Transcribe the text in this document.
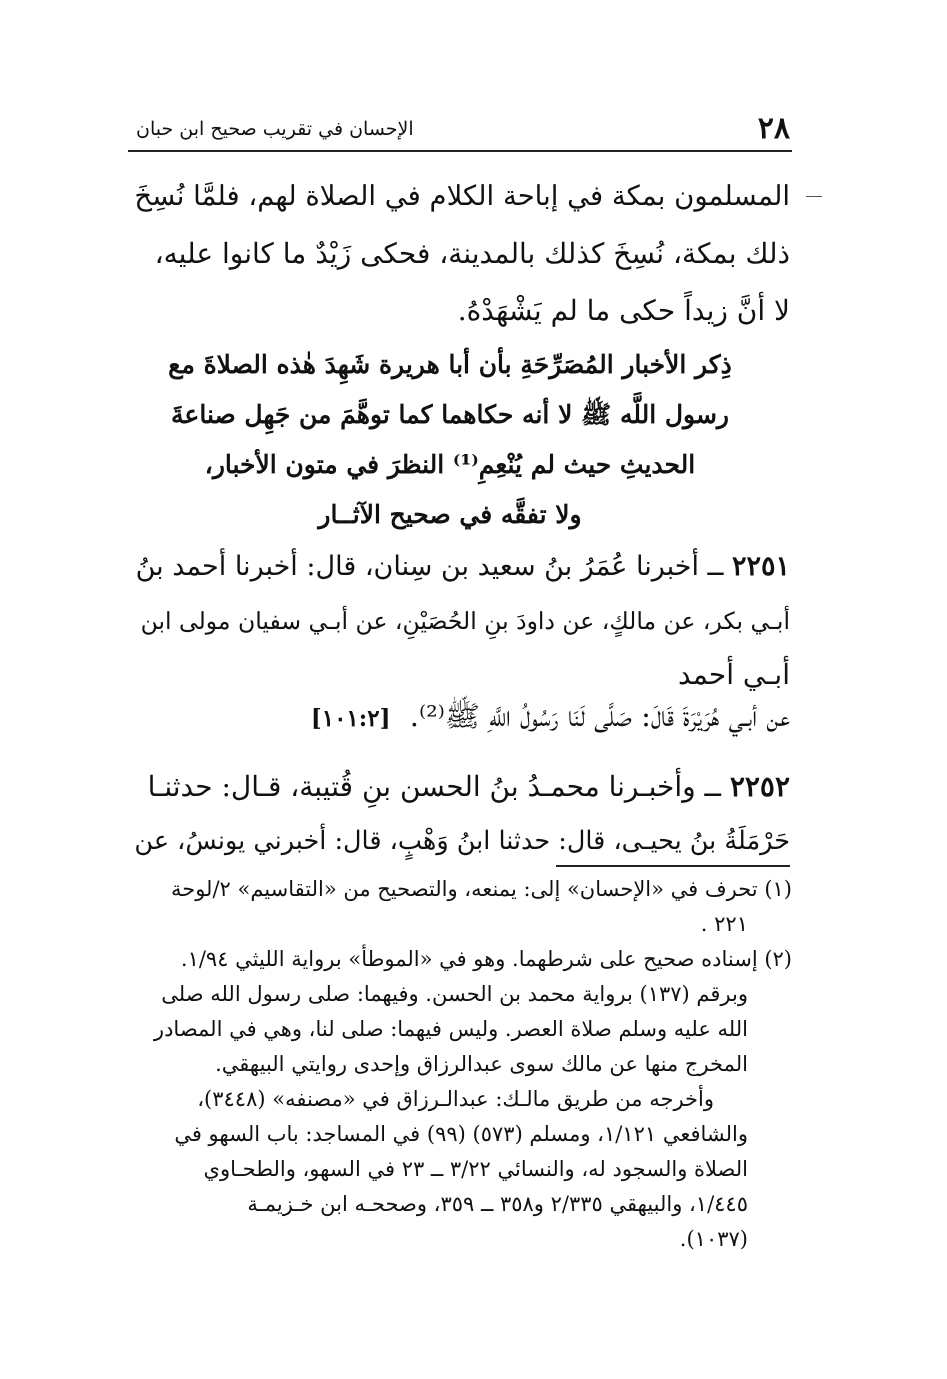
٢٨
الإحسان في تقريب صحيح ابن حبان
المسلمون بمكة في إباحة الكلام في الصلاة لهم، فلمَّا نُسِخَ
ذلك بمكة، نُسِخَ كذلك بالمدينة، فحكى زَيْدٌ ما كانوا عليه،
لا أنَّ زيداً حكى ما لم يَشْهَدْهُ.
ذِكر الأخبار المُصَرِّحَةِ بأن أبا هريرة شَهِدَ هٰذه الصلاةَ مع
رسول اللَّه ﷺ لا أنه حكاهما كما توهَّمَ من جَهِل صناعةَ
الحديثِ حيث لم يُنْعِمِ⁽¹⁾ النظرَ في متون الأخبار،
ولا تفقَّه في صحيح الآثــار
٢٢٥١ ــ أخبرنا عُمَرُ بنُ سعيد بن سِنان، قال: أخبرنا أحمد بنُ
أبـي بكر، عن مالكٍ، عن داودَ بنِ الحُصَيْنِ، عن أبـي سفيان مولى ابن
أبـي أحمد
عن أبـي هُرَيْرَةَ قَالَ: صَلَّى لَنَا رَسُولُ اللَّهِ ﷺ⁽²⁾. [١٠١:٢]
٢٢٥٢ ــ وأخبـرنا محمـدُ بنُ الحسن بنِ قُتيبة، قـال: حدثنـا
حَرْمَلَةُ بنُ يحيـى، قال: حدثنا ابنُ وَهْبٍ، قال: أخبرني يونسُ، عن
(١) تحرف في «الإحسان» إلى: يمنعه، والتصحيح من «التقاسيم» ٢/لوحة
٢٢١ .
(٢) إسناده صحيح على شرطهما. وهو في «الموطأ» برواية الليثي ١/٩٤.
وبرقم (١٣٧) برواية محمد بن الحسن. وفيهما: صلى رسول الله صلى
الله عليه وسلم صلاة العصر. وليس فيهما: صلى لنا، وهي في المصادر
المخرج منها عن مالك سوى عبدالرزاق وإحدى روايتي البيهقي.
وأخرجه من طريق مالـك: عبدالـرزاق في «مصنفه» (٣٤٤٨)،
والشافعي ١/١٢١، ومسلم (٥٧٣) (٩٩) في المساجد: باب السهو في
الصلاة والسجود له، والنسائي ٣/٢٢ ــ ٢٣ في السهو، والطحـاوي
١/٤٤٥، والبيهقي ٢/٣٣٥ و٣٥٨ ــ ٣٥٩، وصححـه ابن خـزيمـة
(١٠٣٧).
